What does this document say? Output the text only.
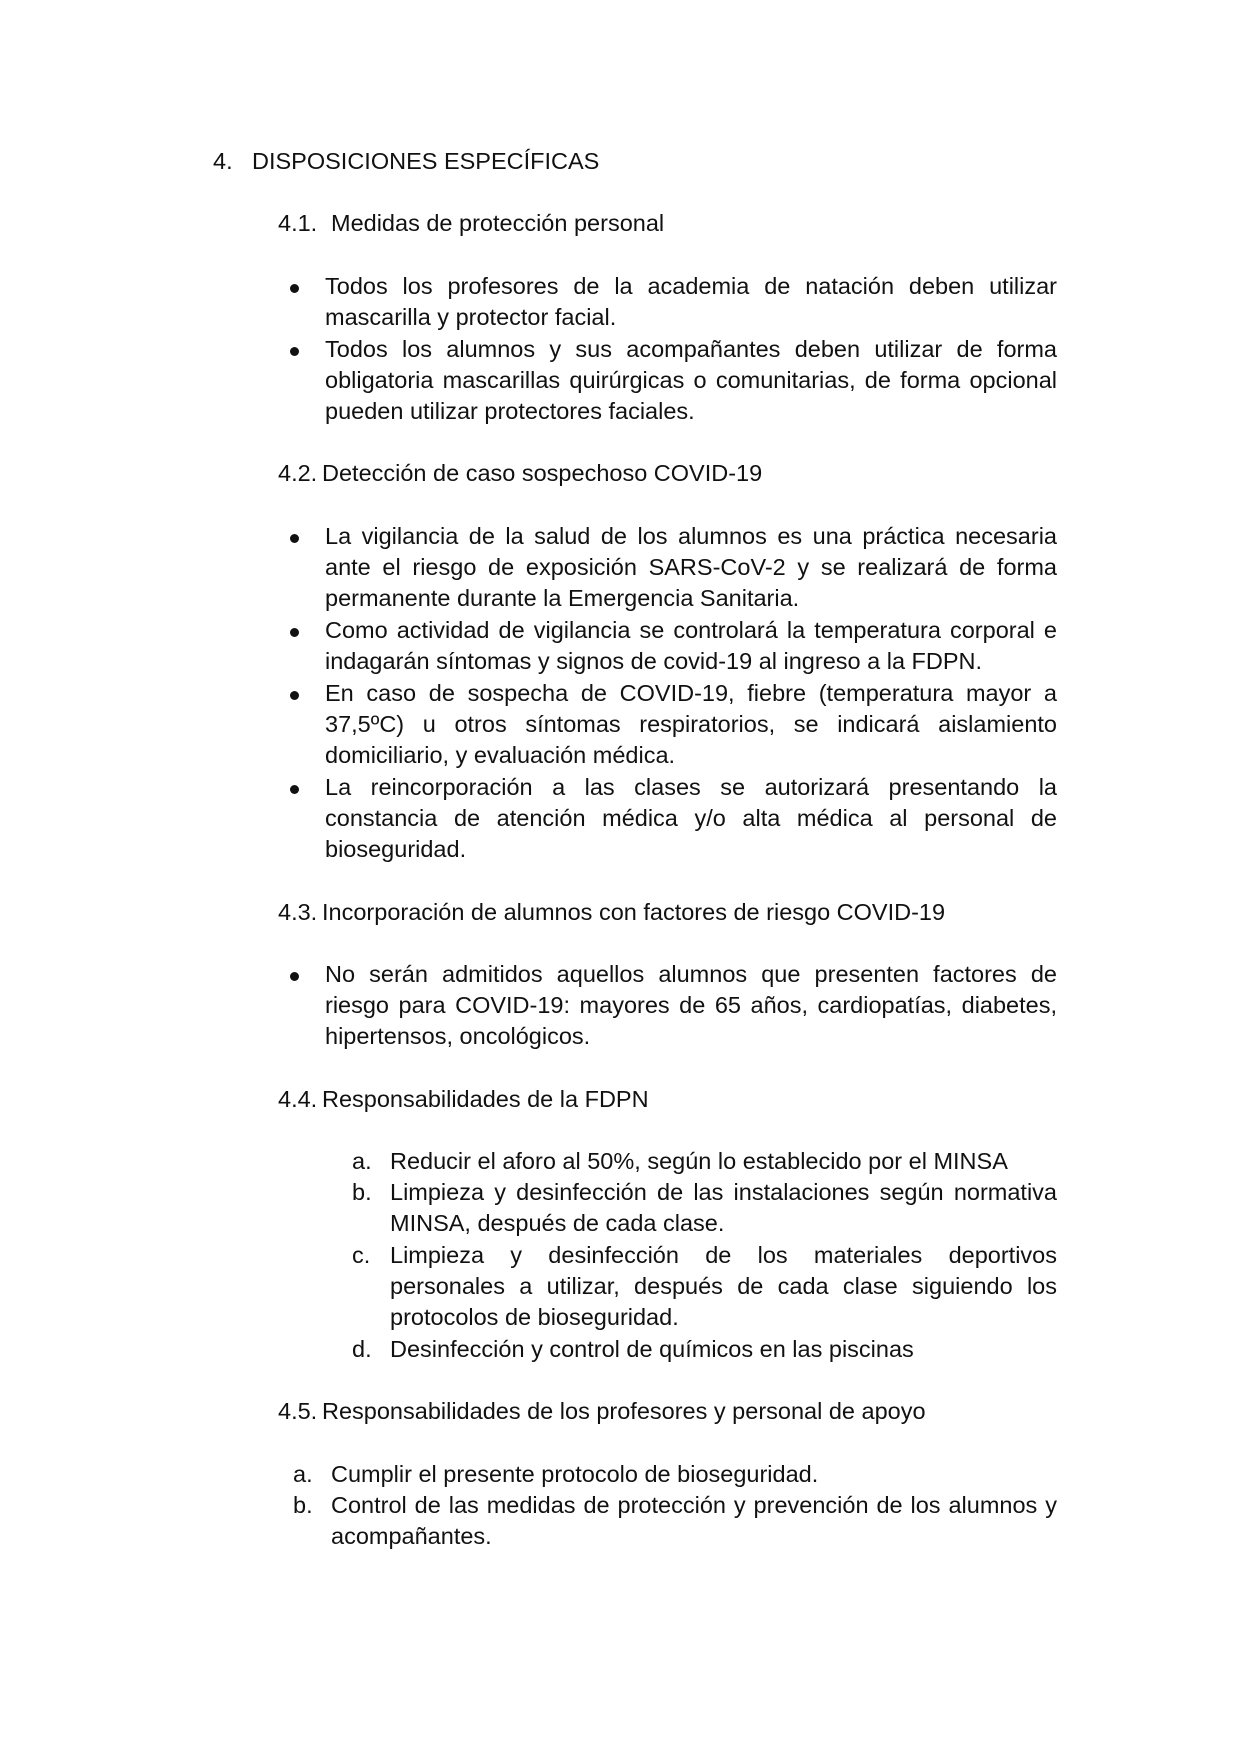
4. DISPOSICIONES ESPECÍFICAS
4.1. Medidas de protección personal
Todos los profesores de la academia de natación deben utilizar mascarilla y protector facial.
Todos los alumnos y sus acompañantes deben utilizar de forma obligatoria mascarillas quirúrgicas o comunitarias, de forma opcional pueden utilizar protectores faciales.
4.2. Detección de caso sospechoso COVID-19
La vigilancia de la salud de los alumnos es una práctica necesaria ante el riesgo de exposición SARS-CoV-2 y se realizará de forma permanente durante la Emergencia Sanitaria.
Como actividad de vigilancia se controlará la temperatura corporal e indagarán síntomas y signos de covid-19 al ingreso a la FDPN.
En caso de sospecha de COVID-19, fiebre (temperatura mayor a 37,5ºC) u otros síntomas respiratorios, se indicará aislamiento domiciliario, y evaluación médica.
La reincorporación a las clases se autorizará presentando la constancia de atención médica y/o alta médica al personal de bioseguridad.
4.3. Incorporación de alumnos con factores de riesgo COVID-19
No serán admitidos aquellos alumnos que presenten factores de riesgo para COVID-19: mayores de 65 años, cardiopatías, diabetes, hipertensos, oncológicos.
4.4. Responsabilidades de la FDPN
a. Reducir el aforo al 50%, según lo establecido por el MINSA
b. Limpieza y desinfección de las instalaciones según normativa MINSA, después de cada clase.
c. Limpieza y desinfección de los materiales deportivos personales a utilizar, después de cada clase siguiendo los protocolos de bioseguridad.
d. Desinfección y control de químicos en las piscinas
4.5. Responsabilidades de los profesores y personal de apoyo
a. Cumplir el presente protocolo de bioseguridad.
b. Control de las medidas de protección y prevención de los alumnos y acompañantes.
